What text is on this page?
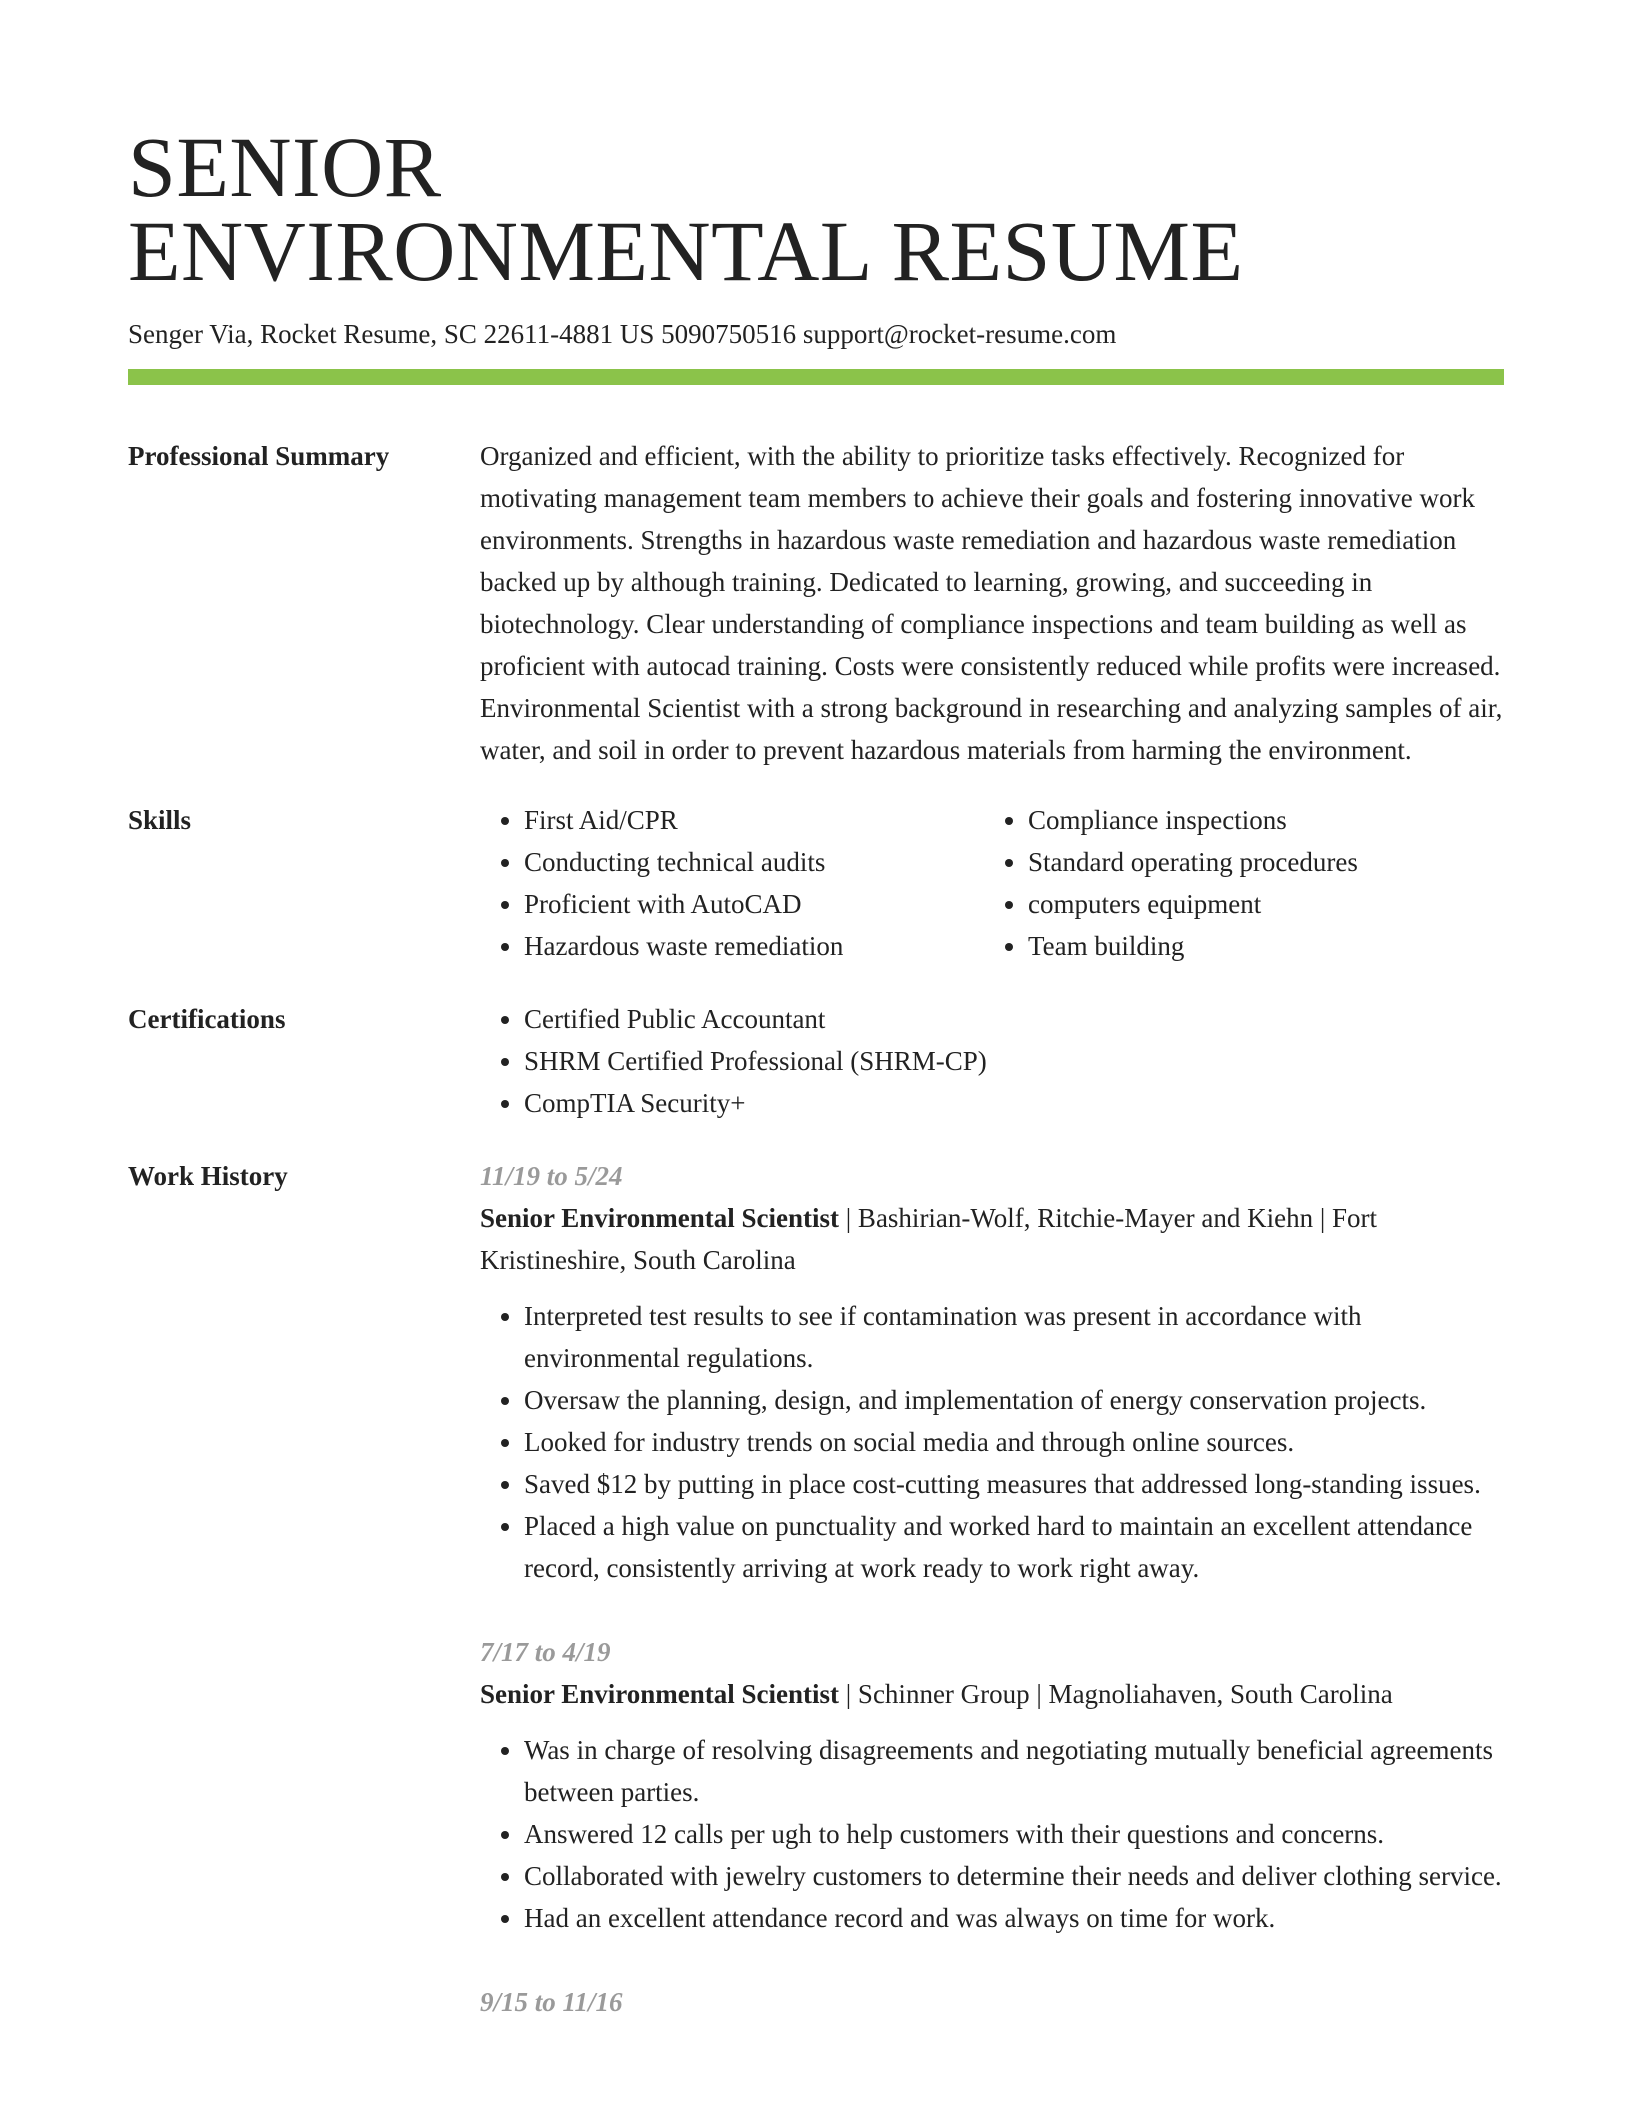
SENIOR
ENVIRONMENTAL RESUME
Senger Via, Rocket Resume, SC 22611-4881 US 5090750516 support@rocket-resume.com
Professional Summary	Organized and efficient, with the ability to prioritize tasks effectively. Recognized for motivating management team members to achieve their goals and fostering innovative work environments. Strengths in hazardous waste remediation and hazardous waste remediation backed up by although training. Dedicated to learning, growing, and succeeding in biotechnology. Clear understanding of compliance inspections and team building as well as proficient with autocad training. Costs were consistently reduced while profits were increased. Environmental Scientist with a strong background in researching and analyzing samples of air, water, and soil in order to prevent hazardous materials from harming the environment.

Skills	• First Aid/CPR
• Conducting technical audits
• Proficient with AutoCAD
• Hazardous waste remediation
• Compliance inspections
• Standard operating procedures
• computers equipment
• Team building
Certifications	• Certified Public Accountant
• SHRM Certified Professional (SHRM-CP)
• CompTIA Security+
Work History	11/19 to 5/24
Senior Environmental Scientist | Bashirian-Wolf, Ritchie-Mayer and Kiehn | Fort Kristineshire, South Carolina
• Interpreted test results to see if contamination was present in accordance with environmental regulations.
• Oversaw the planning, design, and implementation of energy conservation projects.
• Looked for industry trends on social media and through online sources.
• Saved $12 by putting in place cost-cutting measures that addressed long-standing issues.
• Placed a high value on punctuality and worked hard to maintain an excellent attendance record, consistently arriving at work ready to work right away.
7/17 to 4/19
Senior Environmental Scientist | Schinner Group | Magnoliahaven, South Carolina
• Was in charge of resolving disagreements and negotiating mutually beneficial agreements between parties.
• Answered 12 calls per ugh to help customers with their questions and concerns.
• Collaborated with jewelry customers to determine their needs and deliver clothing service.
• Had an excellent attendance record and was always on time for work.
9/15 to 11/16
